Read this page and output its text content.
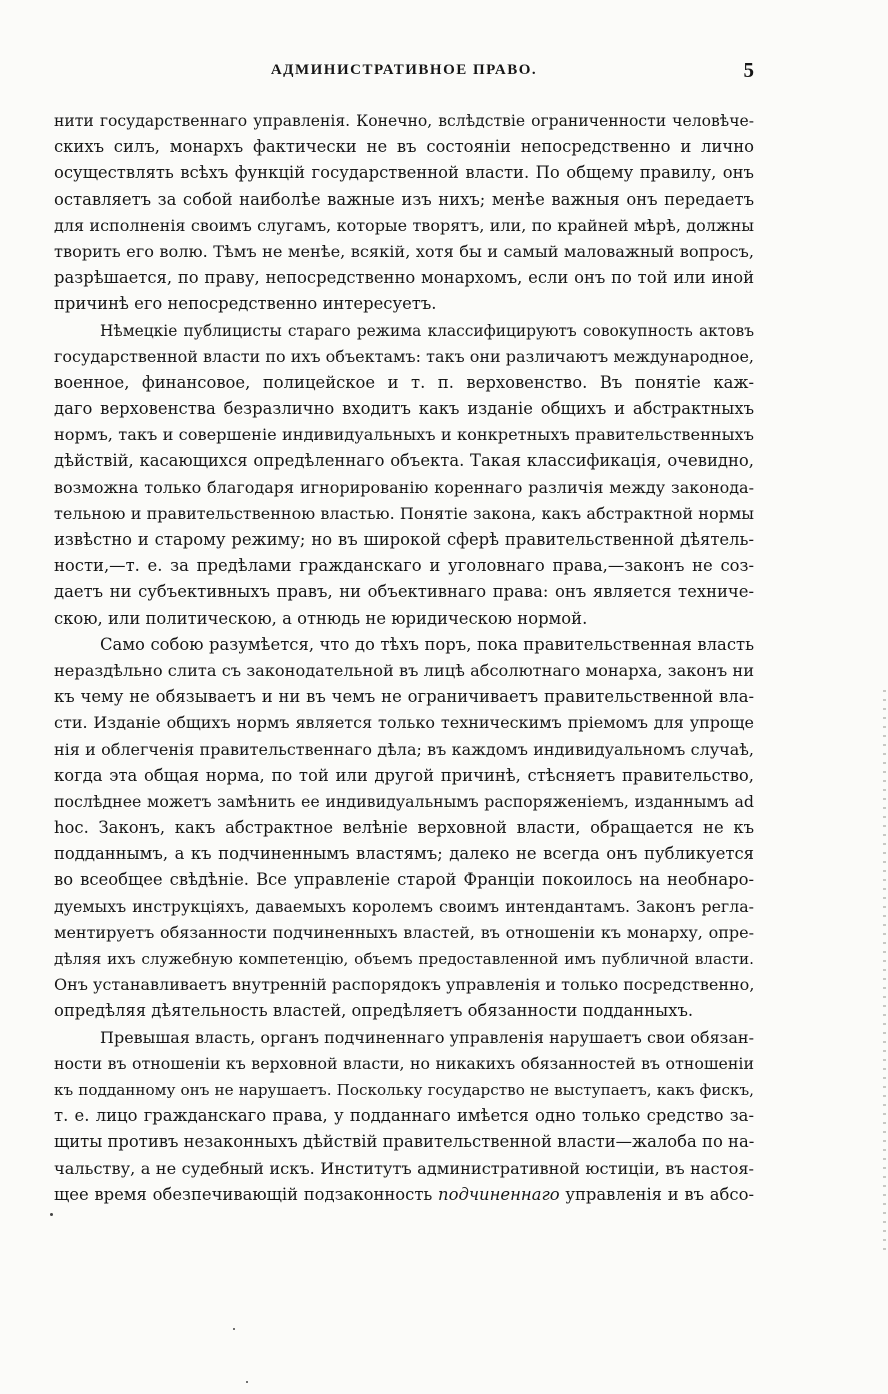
АДМИНИСТРАТИВНОЕ ПРАВО.	5
нити государственнаго управленія. Конечно, вслѣдствіе ограниченности человѣче-
скихъ силъ, монархъ фактически не въ состояніи непосредственно и лично
осуществлять всѣхъ функцій государственной власти. По общему правилу, онъ
оставляетъ за собой наиболѣе важные изъ нихъ; менѣе важныя онъ передаетъ
для исполненія своимъ слугамъ, которые творятъ, или, по крайней мѣрѣ, должны
творить его волю. Тѣмъ не менѣе, всякій, хотя бы и самый маловажный вопросъ,
разрѣшается, по праву, непосредственно монархомъ, если онъ по той или иной
причинѣ его непосредственно интересуетъ.
Нѣмецкіе публицисты стараго режима классифицируютъ совокупность актовъ
государственной власти по ихъ объектамъ: такъ они различаютъ международное,
военное, финансовое, полицейское и т. п. верховенство. Въ понятіе каж-
даго верховенства безразлично входитъ какъ изданіе общихъ и абстрактныхъ
нормъ, такъ и совершеніе индивидуальныхъ и конкретныхъ правительственныхъ
дѣйствій, касающихся опредѣленнаго объекта. Такая классификація, очевидно,
возможна только благодаря игнорированію кореннаго различія между законода-
тельною и правительственною властью. Понятіе закона, какъ абстрактной нормы
извѣстно и старому режиму; но въ широкой сферѣ правительственной дѣятель-
ности,—т. е. за предѣлами гражданскаго и уголовнаго права,—законъ не соз-
даетъ ни субъективныхъ правъ, ни объективнаго права: онъ является техниче-
скою, или политическою, а отнюдь не юридическою нормой.
Само собою разумѣется, что до тѣхъ поръ, пока правительственная власть
нераздѣльно слита съ законодательной въ лицѣ абсолютнаго монарха, законъ ни
къ чему не обязываетъ и ни въ чемъ не ограничиваетъ правительственной вла-
сти. Изданіе общихъ нормъ является только техническимъ пріемомъ для упроще
нія и облегченія правительственнаго дѣла; въ каждомъ индивидуальномъ случаѣ,
когда эта общая норма, по той или другой причинѣ, стѣсняетъ правительство,
послѣднее можетъ замѣнить ее индивидуальнымъ распоряженіемъ, изданнымъ ad
hoc. Законъ, какъ абстрактное велѣніе верховной власти, обращается не къ
подданнымъ, а къ подчиненнымъ властямъ; далеко не всегда онъ публикуется
во всеобщее свѣдѣніе. Все управленіе старой Франціи покоилось на необнаро-
дуемыхъ инструкціяхъ, даваемыхъ королемъ своимъ интендантамъ. Законъ регла-
ментируетъ обязанности подчиненныхъ властей, въ отношеніи къ монарху, опре-
дѣляя ихъ служебную компетенцію, объемъ предоставленной имъ публичной власти.
Онъ устанавливаетъ внутренній распорядокъ управленія и только посредственно,
опредѣляя дѣятельность властей, опредѣляетъ обязанности подданныхъ.
Превышая власть, органъ подчиненнаго управленія нарушаетъ свои обязан-
ности въ отношеніи къ верховной власти, но никакихъ обязанностей въ отношеніи
къ подданному онъ не нарушаетъ. Поскольку государство не выступаетъ, какъ фискъ,
т. е. лицо гражданскаго права, у подданнаго имѣется одно только средство за-
щиты противъ незаконныхъ дѣйствій правительственной власти—жалоба по на-
чальству, а не судебный искъ. Институтъ административной юстиціи, въ настоя-
щее время обезпечивающій подзаконность подчиненнаго управленія и въ абсо-
